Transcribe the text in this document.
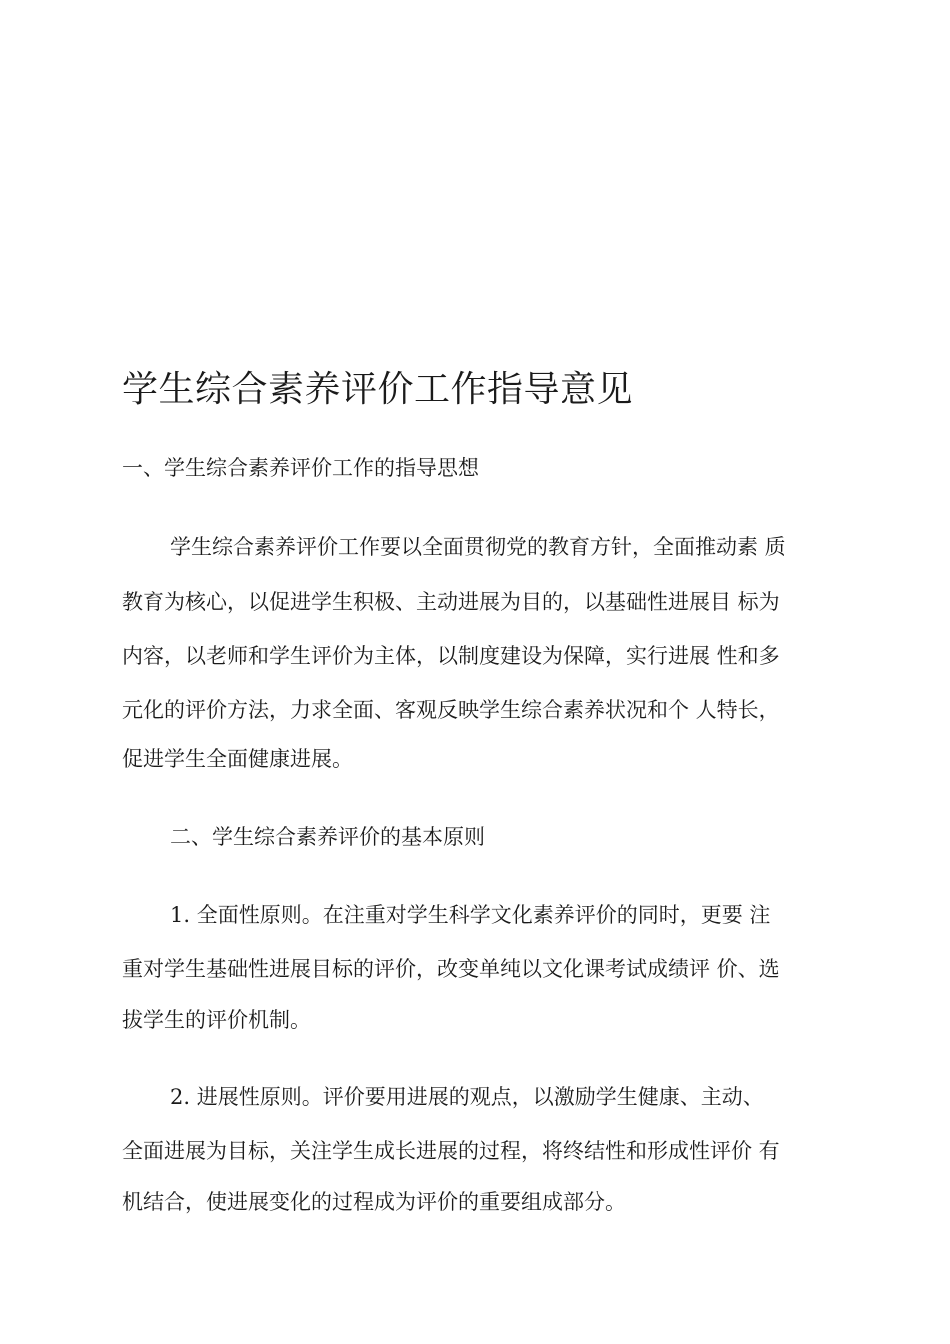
学生综合素养评价工作指导意见

一、学生综合素养评价工作的指导思想

学生综合素养评价工作要以全面贯彻党的教育方针，全面推动素 质

教育为核心，以促进学生积极、主动进展为目的，以基础性进展目 标为

内容，以老师和学生评价为主体，以制度建设为保障，实行进展 性和多

元化的评价方法，力求全面、客观反映学生综合素养状况和个 人特长，

促进学生全面健康进展。

二、学生综合素养评价的基本原则

1. 全面性原则。在注重对学生科学文化素养评价的同时，更要 注

重对学生基础性进展目标的评价，改变单纯以文化课考试成绩评 价、选

拔学生的评价机制。

2. 进展性原则。评价要用进展的观点，以激励学生健康、主动、

全面进展为目标，关注学生成长进展的过程，将终结性和形成性评价 有

机结合，使进展变化的过程成为评价的重要组成部分。
